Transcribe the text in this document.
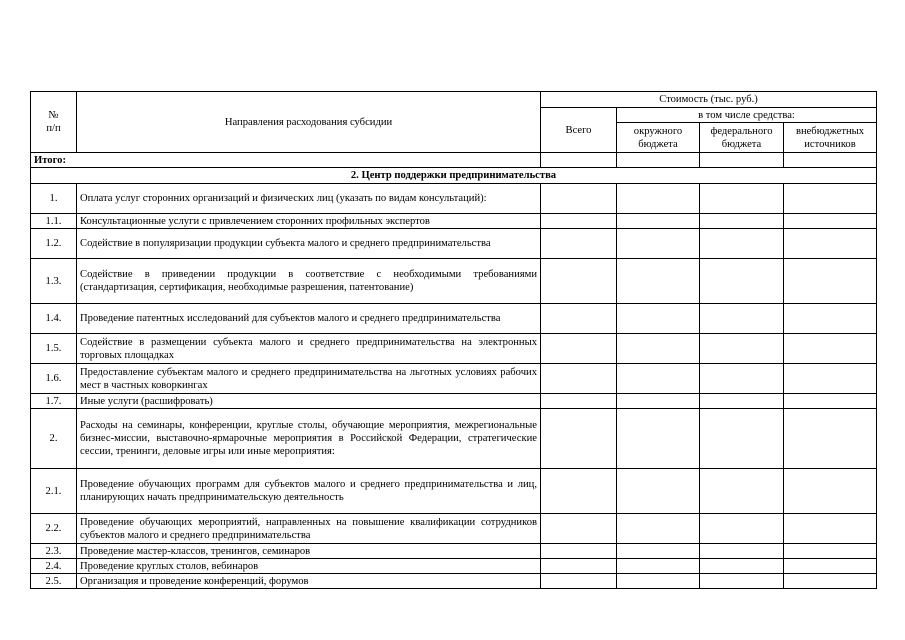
№
п/п	Направления расходования субсидии	Стоимость (тыс. руб.)			
		Всего	в том числе средства:		
			окружного бюджета	федерального бюджета	внебюджетных источников
Итого:					
2. Центр поддержки предпринимательства					
1.	Оплата услуг сторонних организаций и физических лиц (указать по видам консультаций):				
1.1.	Консультационные услуги с привлечением сторонних профильных экспертов				
1.2.	Содействие в популяризации продукции субъекта малого и среднего предпринимательства				
1.3.	Содействие в приведении продукции в соответствие с необходимыми требованиями (стандартизация, сертификация, необходимые разрешения, патентование)				
1.4.	Проведение патентных исследований для субъектов малого и среднего предпринимательства				
1.5.	Содействие в размещении субъекта малого и среднего предпринимательства на электронных торговых площадках				
1.6.	Предоставление субъектам малого и среднего предпринимательства на льготных условиях рабочих мест в частных коворкингах				
1.7.	Иные услуги (расшифровать)				
2.	Расходы на семинары, конференции, круглые столы, обучающие мероприятия, межрегиональные бизнес-миссии, выставочно-ярмарочные мероприятия в Российской Федерации, стратегические сессии, тренинги, деловые игры или иные мероприятия:				
2.1.	Проведение обучающих программ для субъектов малого и среднего предпринимательства и лиц, планирующих начать предпринимательскую деятельность				
2.2.	Проведение обучающих мероприятий, направленных на повышение квалификации сотрудников субъектов малого и среднего предпринимательства				
2.3.	Проведение мастер-классов, тренингов, семинаров				
2.4.	Проведение круглых столов, вебинаров				
2.5.	Организация и проведение конференций, форумов				
